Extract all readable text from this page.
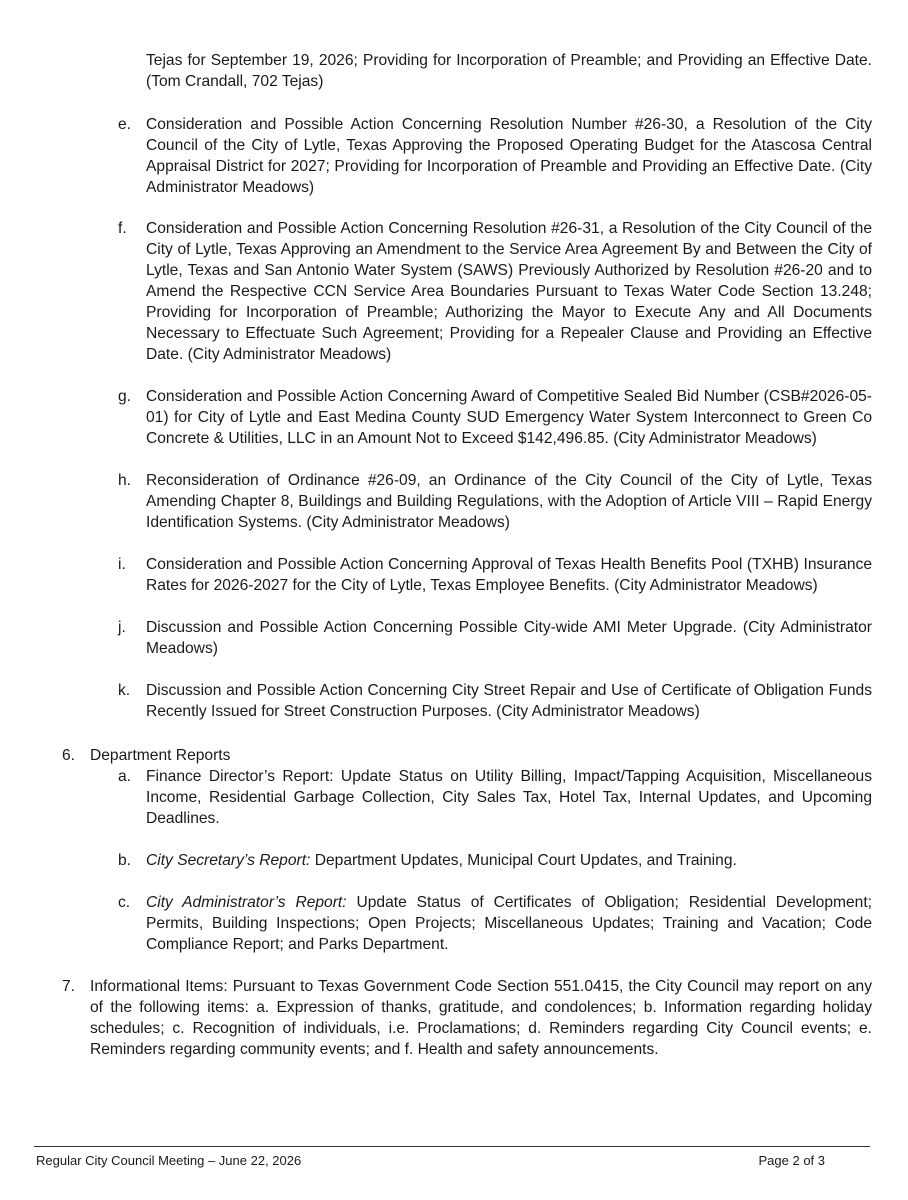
Tejas for September 19, 2026; Providing for Incorporation of Preamble; and Providing an Effective Date. (Tom Crandall, 702 Tejas)
e. Consideration and Possible Action Concerning Resolution Number #26-30, a Resolution of the City Council of the City of Lytle, Texas Approving the Proposed Operating Budget for the Atascosa Central Appraisal District for 2027; Providing for Incorporation of Preamble and Providing an Effective Date. (City Administrator Meadows)
f. Consideration and Possible Action Concerning Resolution #26-31, a Resolution of the City Council of the City of Lytle, Texas Approving an Amendment to the Service Area Agreement By and Between the City of Lytle, Texas and San Antonio Water System (SAWS) Previously Authorized by Resolution #26-20 and to Amend the Respective CCN Service Area Boundaries Pursuant to Texas Water Code Section 13.248; Providing for Incorporation of Preamble; Authorizing the Mayor to Execute Any and All Documents Necessary to Effectuate Such Agreement; Providing for a Repealer Clause and Providing an Effective Date. (City Administrator Meadows)
g. Consideration and Possible Action Concerning Award of Competitive Sealed Bid Number (CSB#2026-05-01) for City of Lytle and East Medina County SUD Emergency Water System Interconnect to Green Co Concrete & Utilities, LLC in an Amount Not to Exceed $142,496.85. (City Administrator Meadows)
h. Reconsideration of Ordinance #26-09, an Ordinance of the City Council of the City of Lytle, Texas Amending Chapter 8, Buildings and Building Regulations, with the Adoption of Article VIII – Rapid Energy Identification Systems. (City Administrator Meadows)
i. Consideration and Possible Action Concerning Approval of Texas Health Benefits Pool (TXHB) Insurance Rates for 2026-2027 for the City of Lytle, Texas Employee Benefits. (City Administrator Meadows)
j. Discussion and Possible Action Concerning Possible City-wide AMI Meter Upgrade. (City Administrator Meadows)
k. Discussion and Possible Action Concerning City Street Repair and Use of Certificate of Obligation Funds Recently Issued for Street Construction Purposes. (City Administrator Meadows)
6. Department Reports
a. Finance Director’s Report: Update Status on Utility Billing, Impact/Tapping Acquisition, Miscellaneous Income, Residential Garbage Collection, City Sales Tax, Hotel Tax, Internal Updates, and Upcoming Deadlines.
b. City Secretary’s Report: Department Updates, Municipal Court Updates, and Training.
c. City Administrator’s Report: Update Status of Certificates of Obligation; Residential Development; Permits, Building Inspections; Open Projects; Miscellaneous Updates; Training and Vacation; Code Compliance Report; and Parks Department.
7. Informational Items: Pursuant to Texas Government Code Section 551.0415, the City Council may report on any of the following items: a. Expression of thanks, gratitude, and condolences; b. Information regarding holiday schedules; c. Recognition of individuals, i.e. Proclamations; d. Reminders regarding City Council events; e. Reminders regarding community events; and f. Health and safety announcements.
Regular City Council Meeting – June 22, 2026	Page 2 of 3
